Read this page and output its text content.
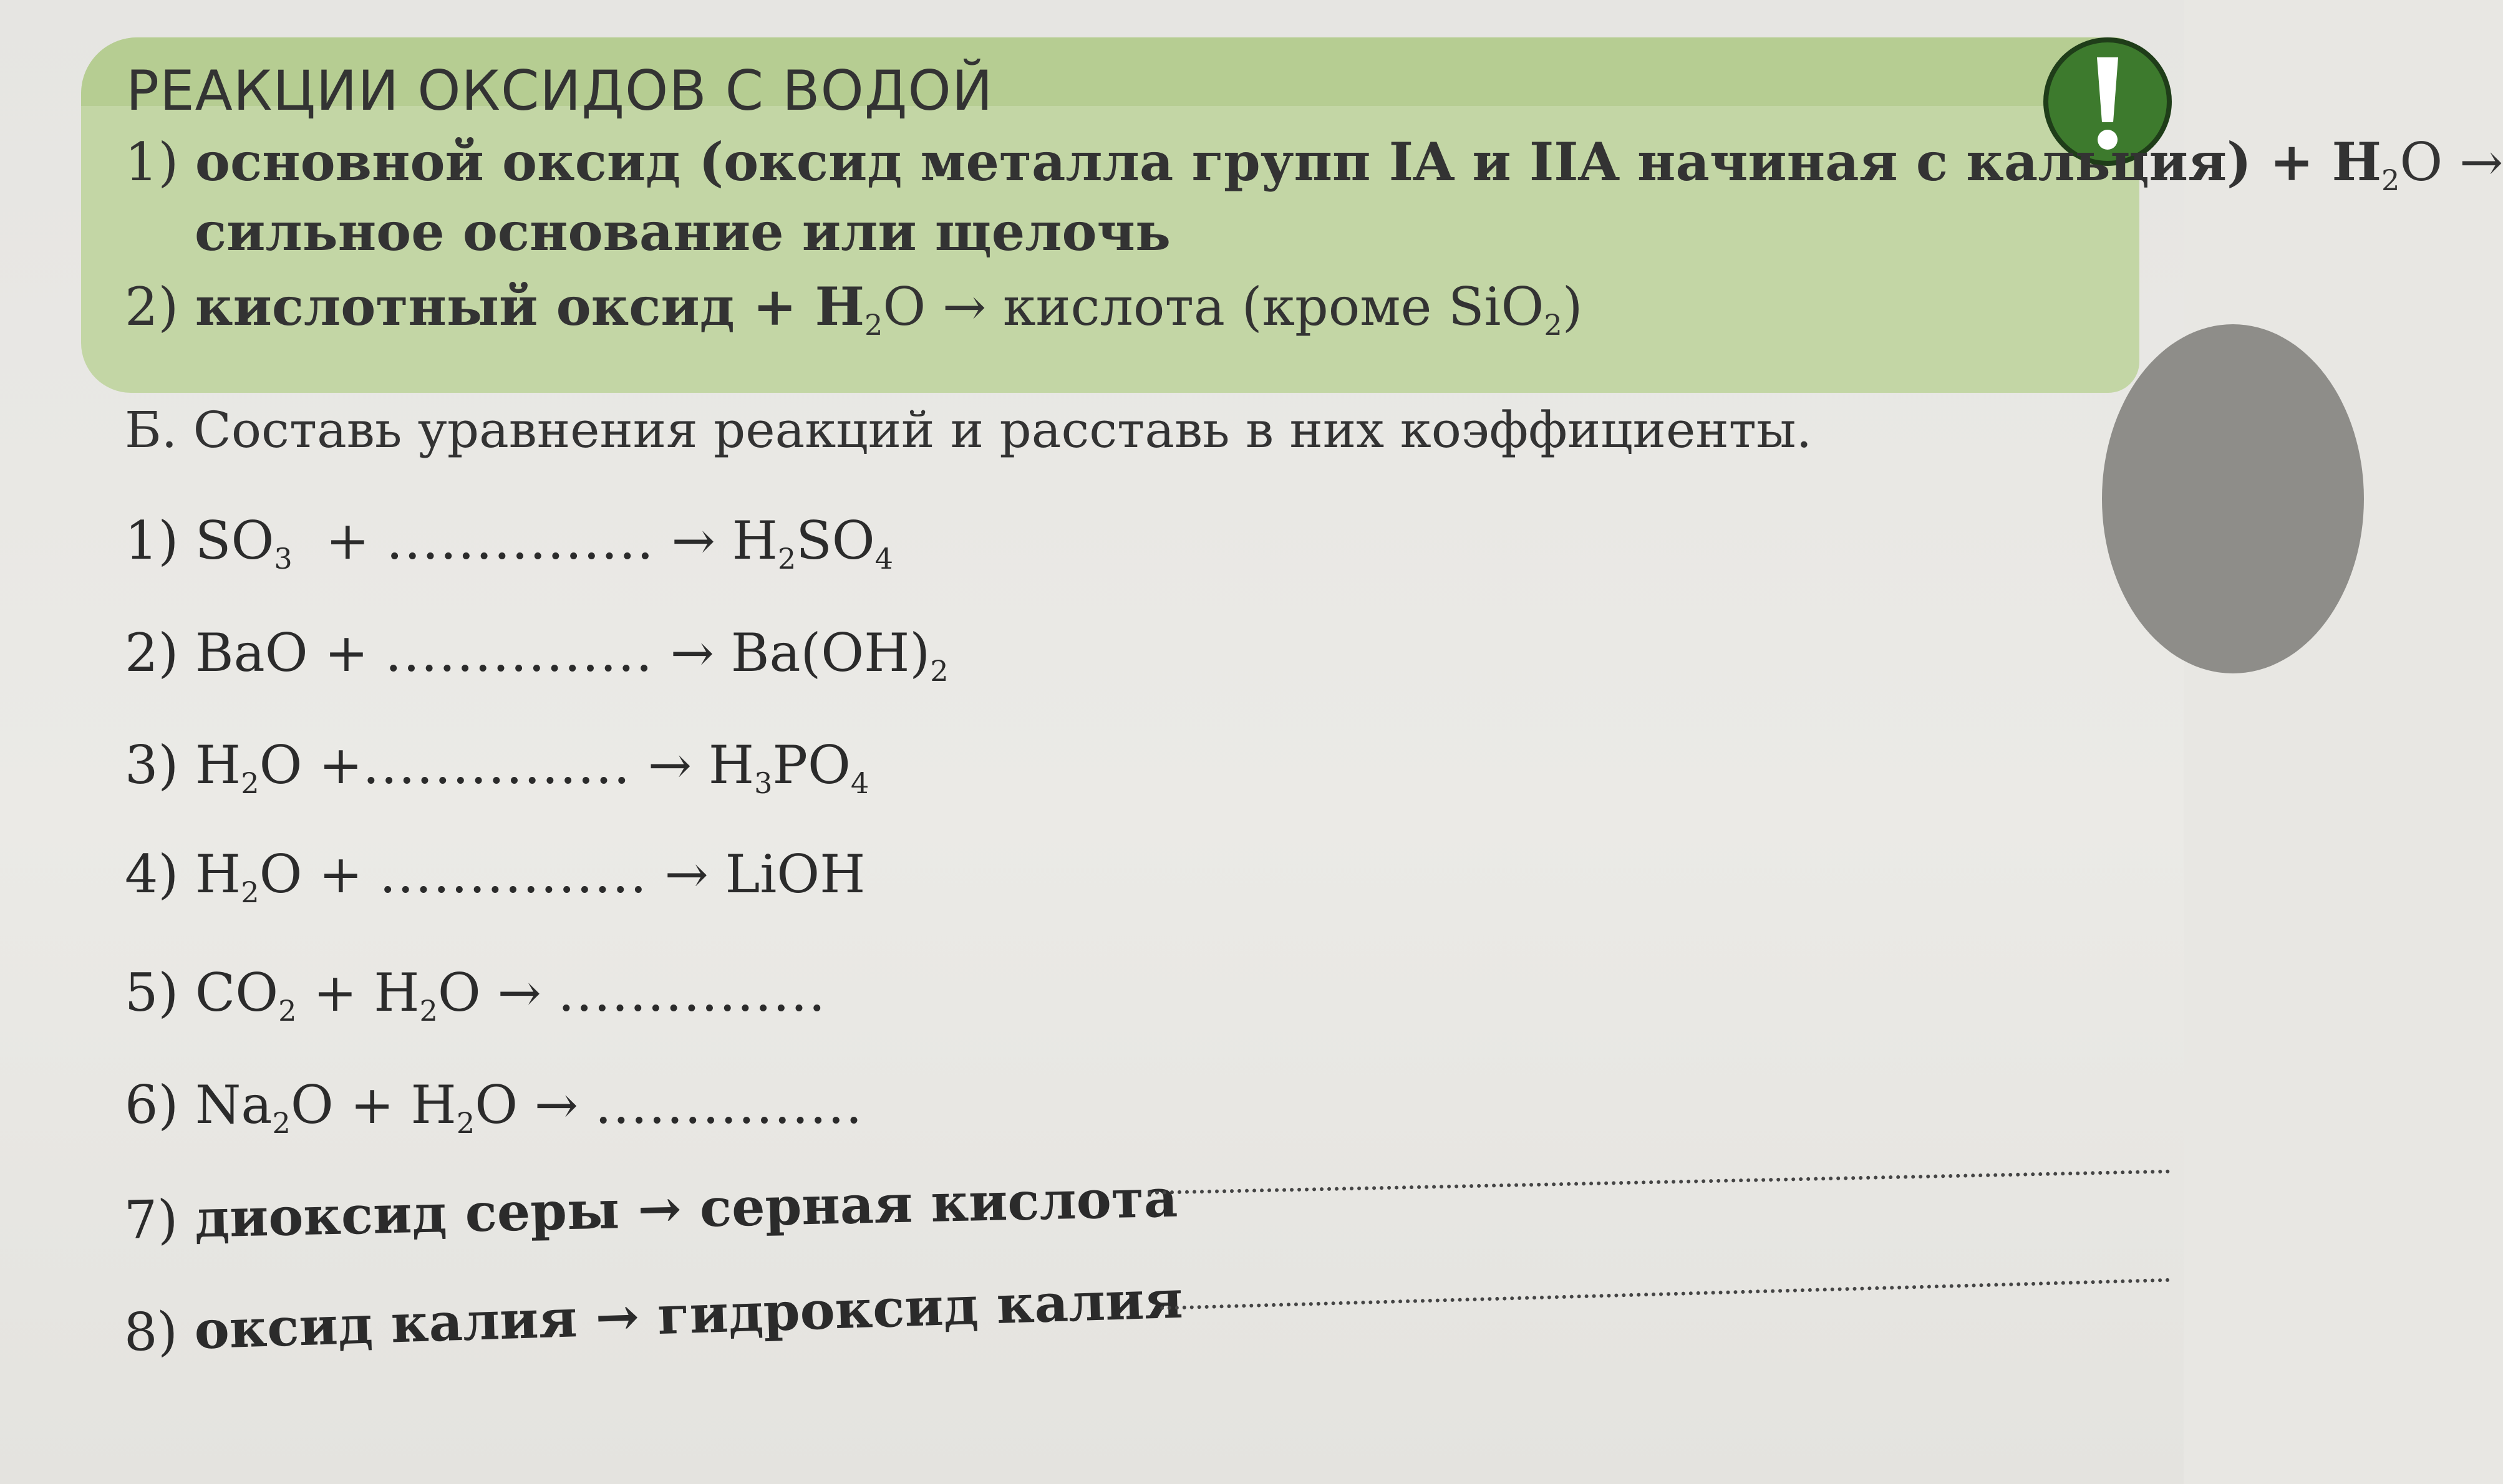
РЕАКЦИИ ОКСИДОВ С ВОДОЙ
1) основной оксид (оксид металла групп IA и IIA начиная с кальция) + $H_2O$ →
сильное основание или щелочь
2) кислотный оксид + $H_2O$ → кислота (кроме SiO$_2$)
Б. Составь уравнения реакций и расставь в них коэффициенты.
1) $SO_3$ + ............... → $H_2SO_4$
2) BaO + ............... → $Ba(OH)_2$
3) $H_2O$ +............... → $H_3PO_4$
4) $H_2O$ + ............... → LiOH
5) $CO_2 + H_2O$ → ...............
6) $Na_2O + H_2O$ → ...............
7) диоксид серы → серная кислота
8) оксид калия → гидроксид калия
